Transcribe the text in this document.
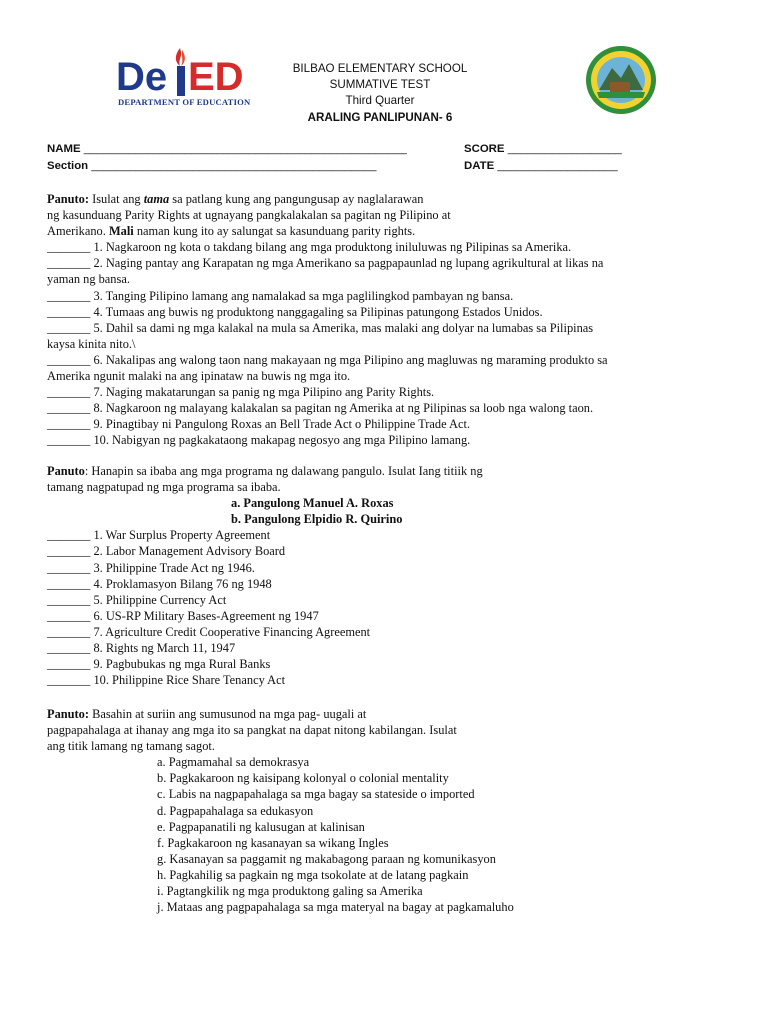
De ED
DEPARTMENT OF EDUCATION
BILBAO ELEMENTARY SCHOOL
SUMMATIVE TEST
Third Quarter
ARALING PANLIPUNAN- 6
NAME ___________________________________________________	SCORE __________________
Section _____________________________________________	DATE ___________________
Panuto: Isulat ang tama sa patlang kung ang pangungusap ay naglalarawan
ng kasunduang Parity Rights at ugnayang pangkalakalan sa pagitan ng Pilipino at
Amerikano. Mali naman kung ito ay salungat sa kasunduang parity rights.
_______ 1. Nagkaroon ng kota o takdang bilang ang mga produktong iniluluwas ng Pilipinas sa Amerika.
_______ 2. Naging pantay ang Karapatan ng mga Amerikano sa pagpapaunlad ng lupang agrikultural at likas na
yaman ng bansa.
_______ 3. Tanging Pilipino lamang ang namalakad sa mga paglilingkod pambayan ng bansa.
_______ 4. Tumaas ang buwis ng produktong nanggagaling sa Pilipinas patungong Estados Unidos.
_______ 5. Dahil sa dami ng mga kalakal na mula sa Amerika, mas malaki ang dolyar na lumabas sa Pilipinas
kaysa kinita nito.\
_______ 6. Nakalipas ang walong taon nang makayaan ng mga Pilipino ang magluwas ng maraming produkto sa
Amerika ngunit malaki na ang ipinataw na buwis ng mga ito.
_______ 7. Naging makatarungan sa panig ng mga Pilipino ang Parity Rights.
_______ 8. Nagkaroon ng malayang kalakalan sa pagitan ng Amerika at ng Pilipinas sa loob nga walong taon.
_______ 9. Pinagtibay ni Pangulong Roxas an Bell Trade Act o Philippine Trade Act.
_______ 10. Nabigyan ng pagkakataong makapag negosyo ang mga Pilipino lamang.
Panuto: Hanapin sa ibaba ang mga programa ng dalawang pangulo. Isulat Iang titiik ng
tamang nagpatupad ng mga programa sa ibaba.
a. Pangulong Manuel A. Roxas
b. Pangulong Elpidio R. Quirino
_______ 1. War Surplus Property Agreement
_______ 2. Labor Management Advisory Board
_______ 3. Philippine Trade Act ng 1946.
_______ 4. Proklamasyon Bilang 76 ng 1948
_______ 5. Philippine Currency Act
_______ 6. US-RP Military Bases-Agreement ng 1947
_______ 7. Agriculture Credit Cooperative Financing Agreement
_______ 8. Rights ng March 11, 1947
_______ 9. Pagbubukas ng mga Rural Banks
_______ 10. Philippine Rice Share Tenancy Act
Panuto: Basahin at suriin ang sumusunod na mga pag- uugali at
pagpapahalaga at ihanay ang mga ito sa pangkat na dapat nitong kabilangan. Isulat
ang titik lamang ng tamang sagot.
a. Pagmamahal sa demokrasya
b. Pagkakaroon ng kaisipang kolonyal o colonial mentality
c. Labis na nagpapahalaga sa mga bagay sa stateside o imported
d. Pagpapahalaga sa edukasyon
e. Pagpapanatili ng kalusugan at kalinisan
f. Pagkakaroon ng kasanayan sa wikang Ingles
g. Kasanayan sa paggamit ng makabagong paraan ng komunikasyon
h. Pagkahilig sa pagkain ng mga tsokolate at de latang pagkain
i. Pagtangkilik ng mga produktong galing sa Amerika
j. Mataas ang pagpapahalaga sa mga materyal na bagay at pagkamaluho
